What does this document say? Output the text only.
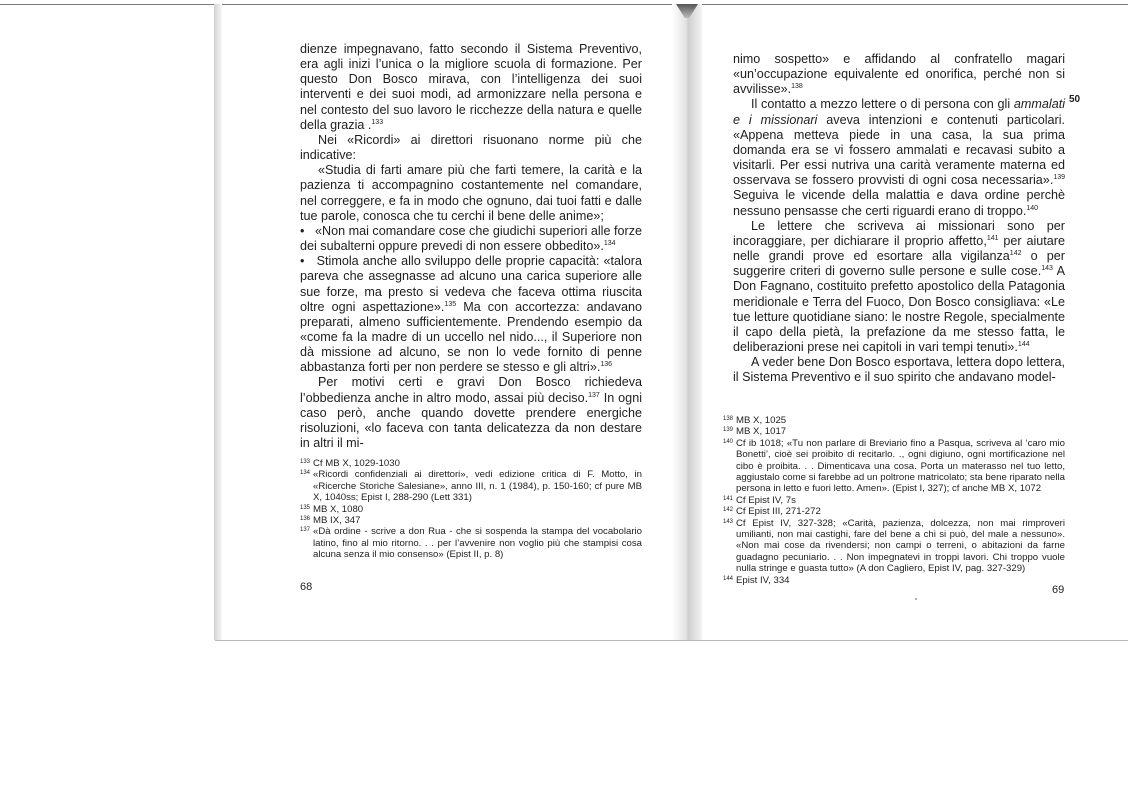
dienze impegnavano, fatto secondo il Sistema Preventivo, era agli inizi l’unica o la migliore scuola di formazione. Per questo Don Bosco mirava, con l’intelligenza dei suoi interventi e dei suoi modi, ad armonizzare nella persona e nel contesto del suo lavoro le ricchezze della natura e quelle della grazia .$^{133}$

Nei «Ricordi» ai direttori risuonano norme più che indicative:

«Studia di farti amare più che farti temere, la carità e la pazienza ti accompagnino costantemente nel comandare, nel correggere, e fa in modo che ognuno, dai tuoi fatti e dalle tue parole, conosca che tu cerchi il bene delle anime»;

• «Non mai comandare cose che giudichi superiori alle forze dei subalterni oppure prevedi di non essere obbedito».$^{134}$

• Stimola anche allo sviluppo delle proprie capacità: «talora pareva che assegnasse ad alcuno una carica superiore alle sue forze, ma presto si vedeva che faceva ottima riuscita oltre ogni aspettazione».$^{135}$ Ma con accortezza: andavano preparati, almeno sufficientemente. Prendendo esempio da «come fa la madre di un uccello nel nido..., il Superiore non dà missione ad alcuno, se non lo vede fornito di penne abbastanza forti per non perdere se stesso e gli altri».$^{136}$

Per motivi certi e gravi Don Bosco richiedeva l’obbedienza anche in altro modo, assai più deciso.$^{137}$ In ogni caso però, anche quando dovette prendere energiche risoluzioni, «lo faceva con tanta delicatezza da non destare in altri il mi-

133 Cf MB X, 1029-1030
134 «Ricordi confidenziali ai direttori», vedi edizione critica di F. Motto, in «Ricerche Storiche Salesiane», anno III, n. 1 (1984), p. 150-160; cf pure MB X, 1040ss; Epist I, 288-290 (Lett 331)
135 MB X, 1080
136 MB IX, 347
137 «Dà ordine - scrive a don Rua - che si sospenda la stampa del vocabolario latino, fino al mio ritorno. . . per l’avvenire non voglio più che stampisi cosa alcuna senza il mio consenso» (Epist II, p. 8)
68

nimo sospetto» e affidando al confratello magari «un’occupazione equivalente ed onorifica, perché non si avvilisse».$^{138}$

Il contatto a mezzo lettere o di persona con gli ammalati e i missionari aveva intenzioni e contenuti particolari. «Appena metteva piede in una casa, la sua prima domanda era se vi fossero ammalati e recavasi subito a visitarli. Per essi nutriva una carità veramente materna ed osservava se fossero provvisti di ogni cosa necessaria».$^{139}$ Seguiva le vicende della malattia e dava ordine perchè nessuno pensasse che certi riguardi erano di troppo.$^{140}$

Le lettere che scriveva ai missionari sono per incoraggiare, per dichiarare il proprio affetto,$^{141}$ per aiutare nelle grandi prove ed esortare alla vigilanza$^{142}$ o per suggerire criteri di governo sulle persone e sulle cose.$^{143}$ A Don Fagnano, costituito prefetto apostolico della Patagonia meridionale e Terra del Fuoco, Don Bosco consigliava: «Le tue letture quotidiane siano: le nostre Regole, specialmente il capo della pietà, la prefazione da me stesso fatta, le deliberazioni prese nei capitoli in vari tempi tenuti».$^{144}$

A veder bene Don Bosco esportava, lettera dopo lettera, il Sistema Preventivo e il suo spirito che andavano model-

50
138 MB X, 1025
139 MB X, 1017
140 Cf ib 1018; «Tu non parlare di Breviario fino a Pasqua, scriveva al ‘caro mio Bonetti’, cioè sei proibito di recitarlo. ., ogni digiuno, ogni mortificazione nel cibo è proibita. . . Dimenticava una cosa. Porta un materasso nel tuo letto, aggiustalo come si farebbe ad un poltrone matricolato; sta bene riparato nella persona in letto e fuori letto. Amen». (Epist I, 327); cf anche MB X, 1072
141 Cf Epist IV, 7s
142 Cf Epist III, 271-272
143 Cf Epist IV, 327-328; «Carità, pazienza, dolcezza, non mai rimproveri umilianti, non mai castighi, fare del bene a chi si può, del male a nessuno». «Non mai cose da rivendersi; non campi o terreni, o abitazioni da farne guadagno pecuniario. . . Non impegnatevi in troppi lavori. Chi troppo vuole nulla stringe e guasta tutto» (A don Cagliero, Epist IV, pag. 327-329)
144 Epist IV, 334
69
